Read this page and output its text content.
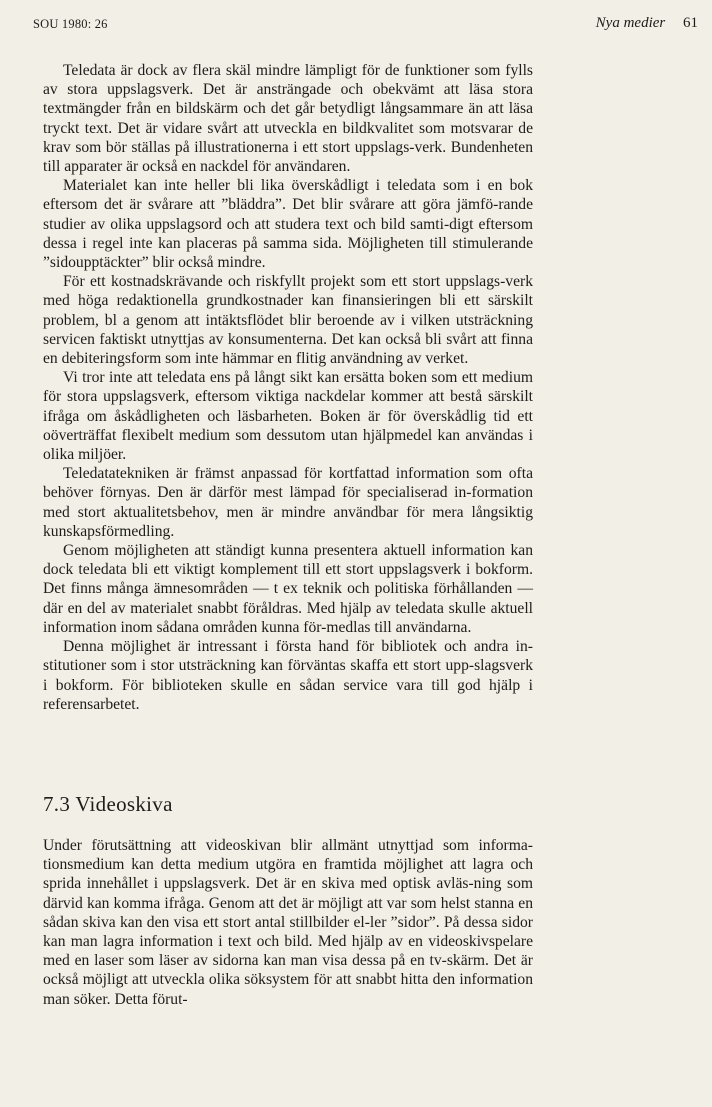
SOU 1980: 26	Nya medier 61

Teledata är dock av flera skäl mindre lämpligt för de funktioner som fylls av stora uppslagsverk. Det är ansträngade och obekvämt att läsa stora textmängder från en bildskärm och det går betydligt långsammare än att läsa tryckt text. Det är vidare svårt att utveckla en bildkvalitet som motsvarar de krav som bör ställas på illustrationerna i ett stort uppslags-verk. Bundenheten till apparater är också en nackdel för användaren.

Materialet kan inte heller bli lika överskådligt i teledata som i en bok eftersom det är svårare att ”bläddra”. Det blir svårare att göra jämfö-rande studier av olika uppslagsord och att studera text och bild samti-digt eftersom dessa i regel inte kan placeras på samma sida. Möjligheten till stimulerande ”sidoupptäckter” blir också mindre.

För ett kostnadskrävande och riskfyllt projekt som ett stort uppslags-verk med höga redaktionella grundkostnader kan finansieringen bli ett särskilt problem, bl a genom att intäktsflödet blir beroende av i vilken utsträckning servicen faktiskt utnyttjas av konsumenterna. Det kan också bli svårt att finna en debiteringsform som inte hämmar en flitig användning av verket.

Vi tror inte att teledata ens på långt sikt kan ersätta boken som ett medium för stora uppslagsverk, eftersom viktiga nackdelar kommer att bestå särskilt ifråga om åskådligheten och läsbarheten. Boken är för överskådlig tid ett oöverträffat flexibelt medium som dessutom utan hjälpmedel kan användas i olika miljöer.

Teledatatekniken är främst anpassad för kortfattad information som ofta behöver förnyas. Den är därför mest lämpad för specialiserad in-formation med stort aktualitetsbehov, men är mindre användbar för mera långsiktig kunskapsförmedling.

Genom möjligheten att ständigt kunna presentera aktuell information kan dock teledata bli ett viktigt komplement till ett stort uppslagsverk i bokform. Det finns många ämnesområden — t ex teknik och politiska förhållanden — där en del av materialet snabbt föråldras. Med hjälp av teledata skulle aktuell information inom sådana områden kunna för-medlas till användarna.

Denna möjlighet är intressant i första hand för bibliotek och andra in-stitutioner som i stor utsträckning kan förväntas skaffa ett stort upp-slagsverk i bokform. För biblioteken skulle en sådan service vara till god hjälp i referensarbetet.

7.3 Videoskiva

Under förutsättning att videoskivan blir allmänt utnyttjad som informa-tionsmedium kan detta medium utgöra en framtida möjlighet att lagra och sprida innehållet i uppslagsverk. Det är en skiva med optisk avläs-ning som därvid kan komma ifråga. Genom att det är möjligt att var som helst stanna en sådan skiva kan den visa ett stort antal stillbilder el-ler ”sidor”. På dessa sidor kan man lagra information i text och bild. Med hjälp av en videoskivspelare med en laser som läser av sidorna kan man visa dessa på en tv-skärm. Det är också möjligt att utveckla olika söksystem för att snabbt hitta den information man söker. Detta förut-
